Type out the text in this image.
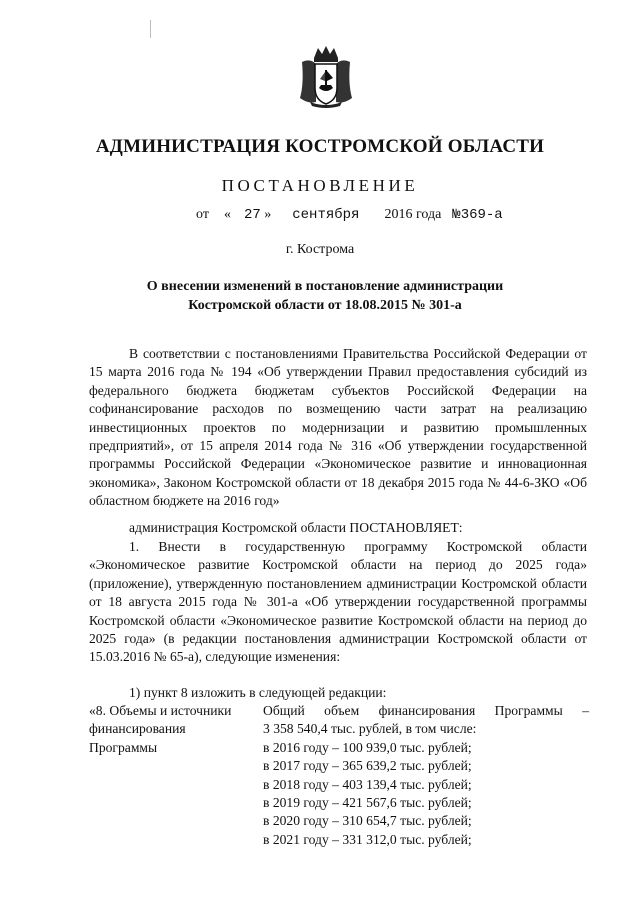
АДМИНИСТРАЦИЯ КОСТРОМСКОЙ ОБЛАСТИ
ПОСТАНОВЛЕНИЕ
от « 27 » сентября 2016 года №369-а
г. Кострома
О внесении изменений в постановление администрации
Костромской области от 18.08.2015 № 301-а

В соответствии с постановлениями Правительства Российской Федерации от 15 марта 2016 года № 194 «Об утверждении Правил предоставления субсидий из федерального бюджета бюджетам субъектов Российской Федерации на софинансирование расходов по возмещению части затрат на реализацию инвестиционных проектов по модернизации и развитию промышленных предприятий», от 15 апреля 2014 года № 316 «Об утверждении государственной программы Российской Федерации «Экономическое развитие и инновационная экономика», Законом Костромской области от 18 декабря 2015 года № 44-6-ЗКО «Об областном бюджете на 2016 год»

администрация Костромской области ПОСТАНОВЛЯЕТ:

1. Внести в государственную программу Костромской области «Экономическое развитие Костромской области на период до 2025 года» (приложение), утвержденную постановлением администрации Костромской области от 18 августа 2015 года № 301-а «Об утверждении государственной программы Костромской области «Экономическое развитие Костромской области на период до 2025 года» (в редакции постановления администрации Костромской области от 15.03.2016 № 65-а), следующие изменения:

1) пункт 8 изложить в следующей редакции:

«8. Объемы и источники
финансирования
Программы
Общий объем финансирования Программы –
3 358 540,4 тыс. рублей, в том числе:
в 2016 году – 100 939,0 тыс. рублей;
в 2017 году – 365 639,2 тыс. рублей;
в 2018 году – 403 139,4 тыс. рублей;
в 2019 году – 421 567,6 тыс. рублей;
в 2020 году – 310 654,7 тыс. рублей;
в 2021 году – 331 312,0 тыс. рублей;
